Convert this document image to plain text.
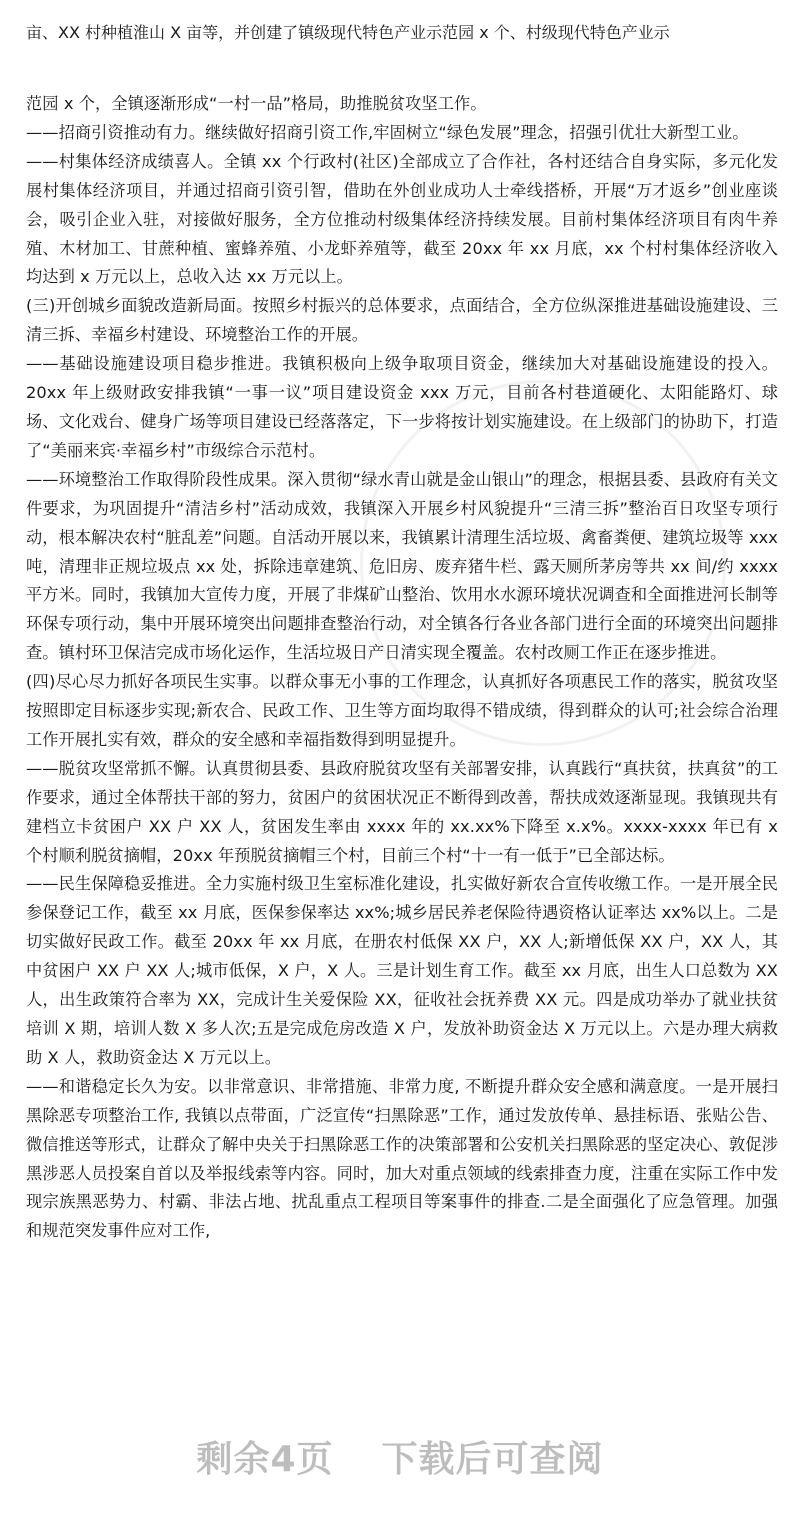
亩、XX 村种植淮山 X 亩等，并创建了镇级现代特色产业示范园 x 个、村级现代特色产业示

范园 x 个，全镇逐渐形成“一村一品”格局，助推脱贫攻坚工作。

——招商引资推动有力。继续做好招商引资工作,牢固树立“绿色发展”理念，招强引优壮大新型工业。

——村集体经济成绩喜人。全镇 xx 个行政村(社区)全部成立了合作社，各村还结合自身实际，多元化发展村集体经济项目，并通过招商引资引智，借助在外创业成功人士牵线搭桥，开展“万才返乡”创业座谈会，吸引企业入驻，对接做好服务，全方位推动村级集体经济持续发展。目前村集体经济项目有肉牛养殖、木材加工、甘蔗种植、蜜蜂养殖、小龙虾养殖等，截至 20xx 年 xx 月底，xx 个村村集体经济收入均达到 x 万元以上，总收入达 xx 万元以上。

(三)开创城乡面貌改造新局面。按照乡村振兴的总体要求，点面结合，全方位纵深推进基础设施建设、三清三拆、幸福乡村建设、环境整治工作的开展。

——基础设施建设项目稳步推进。我镇积极向上级争取项目资金，继续加大对基础设施建设的投入。20xx 年上级财政安排我镇“一事一议”项目建设资金 xxx 万元，目前各村巷道硬化、太阳能路灯、球场、文化戏台、健身广场等项目建设已经落落定，下一步将按计划实施建设。在上级部门的协助下，打造了“美丽来宾·幸福乡村”市级综合示范村。

——环境整治工作取得阶段性成果。深入贯彻“绿水青山就是金山银山”的理念，根据县委、县政府有关文件要求，为巩固提升“清洁乡村”活动成效，我镇深入开展乡村风貌提升“三清三拆”整治百日攻坚专项行动，根本解决农村“脏乱差”问题。自活动开展以来，我镇累计清理生活垃圾、禽畜粪便、建筑垃圾等 xxx 吨，清理非正规垃圾点 xx 处，拆除违章建筑、危旧房、废弃猪牛栏、露天厕所茅房等共 xx 间/约 xxxx 平方米。同时，我镇加大宣传力度，开展了非煤矿山整治、饮用水水源环境状况调查和全面推进河长制等环保专项行动，集中开展环境突出问题排查整治行动，对全镇各行各业各部门进行全面的环境突出问题排查。镇村环卫保洁完成市场化运作，生活垃圾日产日清实现全覆盖。农村改厕工作正在逐步推进。

(四)尽心尽力抓好各项民生实事。以群众事无小事的工作理念，认真抓好各项惠民工作的落实，脱贫攻坚按照即定目标逐步实现;新农合、民政工作、卫生等方面均取得不错成绩，得到群众的认可;社会综合治理工作开展扎实有效，群众的安全感和幸福指数得到明显提升。

——脱贫攻坚常抓不懈。认真贯彻县委、县政府脱贫攻坚有关部署安排，认真践行“真扶贫，扶真贫”的工作要求，通过全体帮扶干部的努力，贫困户的贫困状况正不断得到改善，帮扶成效逐渐显现。我镇现共有建档立卡贫困户 XX 户 XX 人，贫困发生率由 xxxx 年的 xx.xx%下降至 x.x%。xxxx-xxxx 年已有 x 个村顺利脱贫摘帽，20xx 年预脱贫摘帽三个村，目前三个村“十一有一低于”已全部达标。

——民生保障稳妥推进。全力实施村级卫生室标准化建设，扎实做好新农合宣传收缴工作。一是开展全民参保登记工作，截至 xx 月底，医保参保率达 xx%;城乡居民养老保险待遇资格认证率达 xx%以上。二是切实做好民政工作。截至 20xx 年 xx 月底，在册农村低保 XX 户，XX 人;新增低保 XX 户，XX 人，其中贫困户 XX 户 XX 人;城市低保，X 户，X 人。三是计划生育工作。截至 xx 月底，出生人口总数为 XX 人，出生政策符合率为 XX，完成计生关爱保险 XX，征收社会抚养费 XX 元。四是成功举办了就业扶贫培训 X 期，培训人数 X 多人次;五是完成危房改造 X 户，发放补助资金达 X 万元以上。六是办理大病救助 X 人，救助资金达 X 万元以上。

——和谐稳定长久为安。以非常意识、非常措施、非常力度, 不断提升群众安全感和满意度。一是开展扫黑除恶专项整治工作, 我镇以点带面，广泛宣传“扫黑除恶”工作，通过发放传单、悬挂标语、张贴公告、微信推送等形式，让群众了解中央关于扫黑除恶工作的决策部署和公安机关扫黑除恶的坚定决心、敦促涉黑涉恶人员投案自首以及举报线索等内容。同时，加大对重点领域的线索排查力度，注重在实际工作中发现宗族黑恶势力、村霸、非法占地、扰乱重点工程项目等案事件的排查.二是全面强化了应急管理。加强和规范突发事件应对工作,

剩余4页 下载后可查阅
